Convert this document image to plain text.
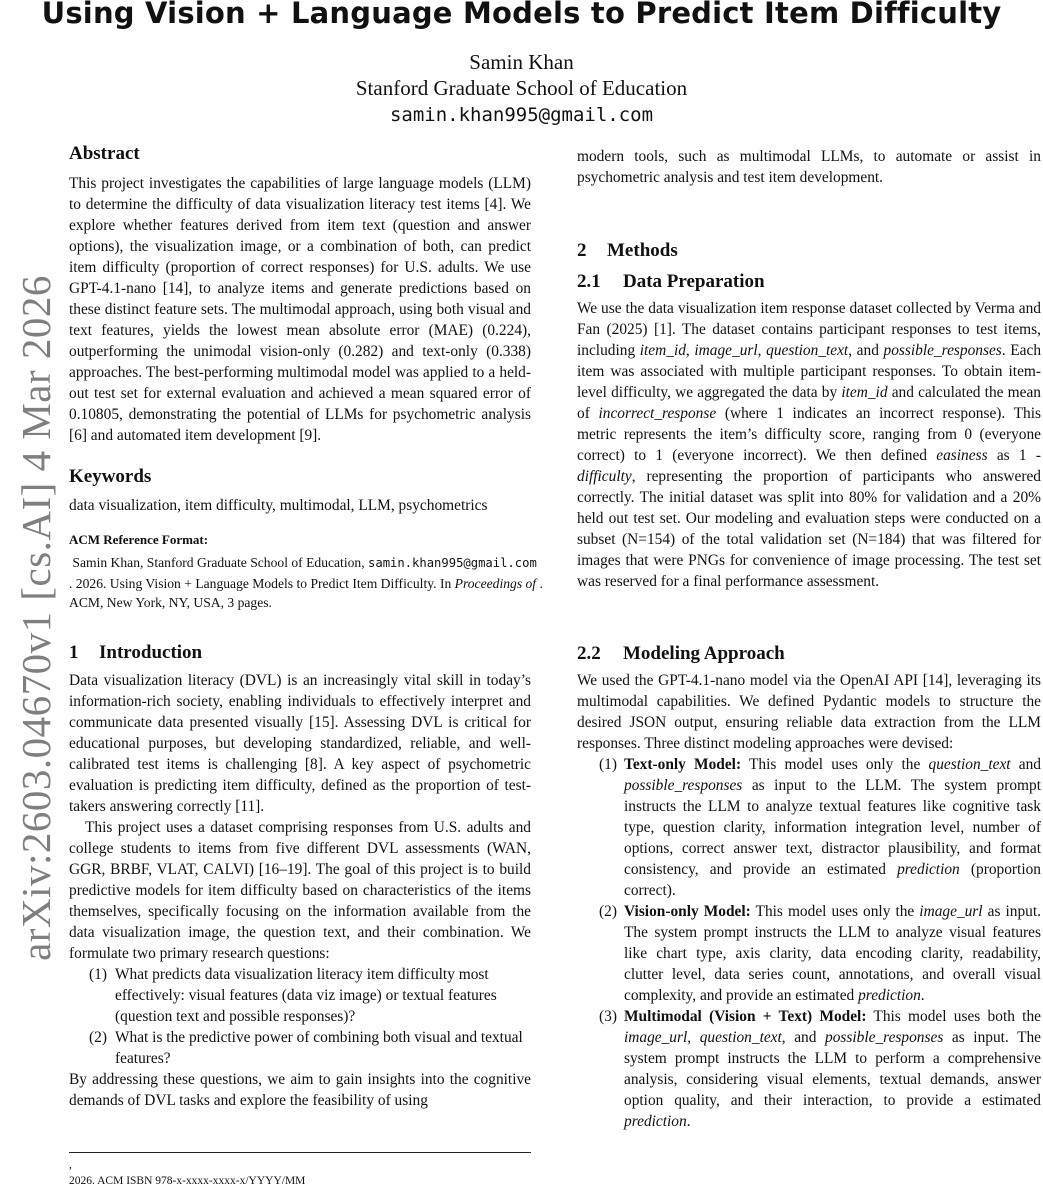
Using Vision + Language Models to Predict Item Difficulty
Samin Khan
Stanford Graduate School of Education
samin.khan995@gmail.com
arXiv:2603.04670v1 [cs.AI] 4 Mar 2026
Abstract

This project investigates the capabilities of large language models (LLM) to determine the difficulty of data visualization literacy test items [4]. We explore whether features derived from item text (question and answer options), the visualization image, or a combination of both, can predict item difficulty (proportion of correct responses) for U.S. adults. We use GPT-4.1-nano [14], to analyze items and generate predictions based on these distinct feature sets. The multimodal approach, using both visual and text features, yields the lowest mean absolute error (MAE) (0.224), outperforming the unimodal vision-only (0.282) and text-only (0.338) approaches. The best-performing multimodal model was applied to a held-out test set for external evaluation and achieved a mean squared error of 0.10805, demonstrating the potential of LLMs for psychometric analysis [6] and automated item development [9].

Keywords

data visualization, item difficulty, multimodal, LLM, psychometrics

ACM Reference Format:
Samin Khan, Stanford Graduate School of Education, samin.khan995@gmail.com
. 2026. Using Vision + Language Models to Predict Item Difficulty. In Proceedings of . ACM, New York, NY, USA, 3 pages.
1 Introduction

Data visualization literacy (DVL) is an increasingly vital skill in today’s information-rich society, enabling individuals to effectively interpret and communicate data presented visually [15]. Assessing DVL is critical for educational purposes, but developing standardized, reliable, and well-calibrated test items is challenging [8]. A key aspect of psychometric evaluation is predicting item difficulty, defined as the proportion of test-takers answering correctly [11].

This project uses a dataset comprising responses from U.S. adults and college students to items from five different DVL assessments (WAN, GGR, BRBF, VLAT, CALVI) [16–19]. The goal of this project is to build predictive models for item difficulty based on characteristics of the items themselves, specifically focusing on the information available from the data visualization image, the question text, and their combination. We formulate two primary research questions:

(1) What predicts data visualization literacy item difficulty most effectively: visual features (data viz image) or textual features (question text and possible responses)?
(2) What is the predictive power of combining both visual and textual features?

By addressing these questions, we aim to gain insights into the cognitive demands of DVL tasks and explore the feasibility of using

,
2026. ACM ISBN 978-x-xxxx-xxxx-x/YYYY/MM

modern tools, such as multimodal LLMs, to automate or assist in psychometric analysis and test item development.

2 Methods
2.1 Data Preparation

We use the data visualization item response dataset collected by Verma and Fan (2025) [1]. The dataset contains participant responses to test items, including item_id, image_url, question_text, and possible_responses. Each item was associated with multiple participant responses. To obtain item-level difficulty, we aggregated the data by item_id and calculated the mean of incorrect_response (where 1 indicates an incorrect response). This metric represents the item’s difficulty score, ranging from 0 (everyone correct) to 1 (everyone incorrect). We then defined easiness as 1 - difficulty, representing the proportion of participants who answered correctly. The initial dataset was split into 80% for validation and a 20% held out test set. Our modeling and evaluation steps were conducted on a subset (N=154) of the total validation set (N=184) that was filtered for images that were PNGs for convenience of image processing. The test set was reserved for a final performance assessment.

2.2 Modeling Approach

We used the GPT-4.1-nano model via the OpenAI API [14], leveraging its multimodal capabilities. We defined Pydantic models to structure the desired JSON output, ensuring reliable data extraction from the LLM responses. Three distinct modeling approaches were devised:

(1) Text-only Model: This model uses only the question_text and possible_responses as input to the LLM. The system prompt instructs the LLM to analyze textual features like cognitive task type, question clarity, information integration level, number of options, correct answer text, distractor plausibility, and format consistency, and provide an estimated prediction (proportion correct).
(2) Vision-only Model: This model uses only the image_url as input. The system prompt instructs the LLM to analyze visual features like chart type, axis clarity, data encoding clarity, readability, clutter level, data series count, annotations, and overall visual complexity, and provide an estimated prediction.
(3) Multimodal (Vision + Text) Model: This model uses both the image_url, question_text, and possible_responses as input. The system prompt instructs the LLM to perform a comprehensive analysis, considering visual elements, textual demands, answer option quality, and their interaction, to provide a estimated prediction.
